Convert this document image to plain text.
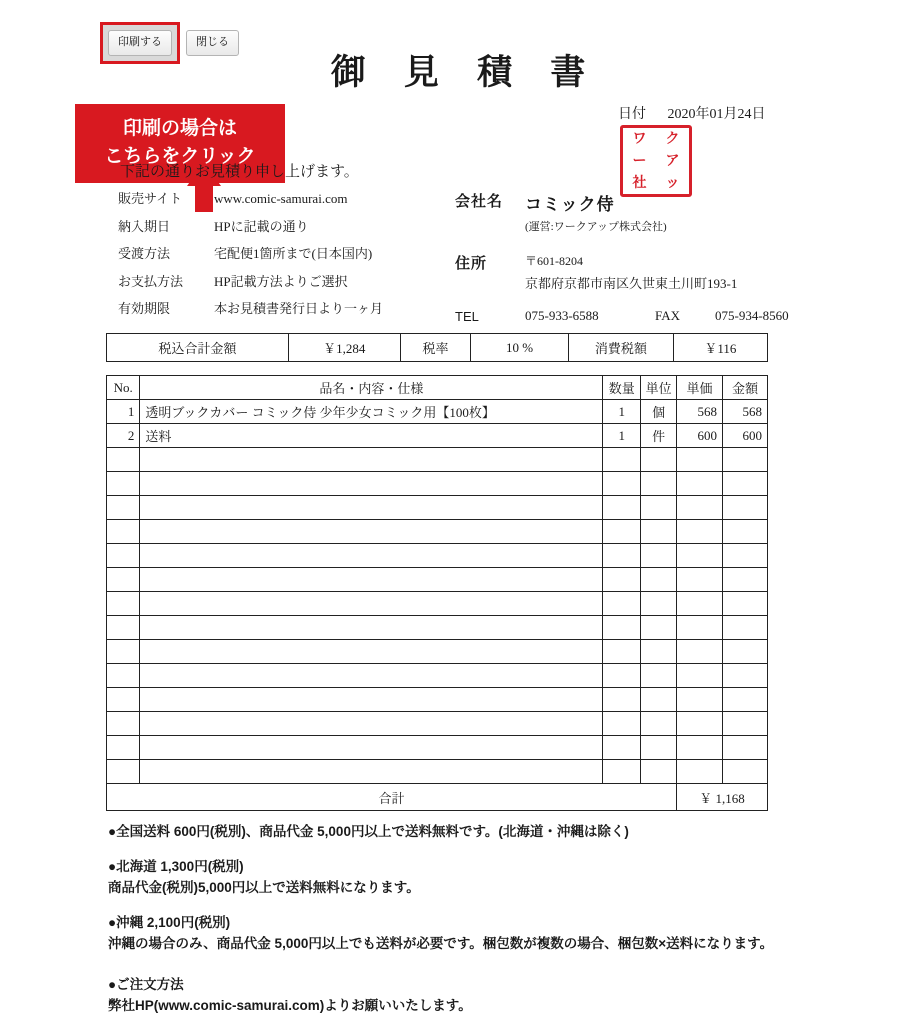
印刷する	閉じる
印刷の場合は
こちらをクリック
御 見 積 書
日付 2020年01月24日
ワ	ク
ー	ア
社	ッ
下記の通りお見積り申し上げます。
販売サイト	www.comic-samurai.com
納入期日	HPに記載の通り
受渡方法	宅配便1箇所まで(日本国内)
お支払方法	HP記載方法よりご選択
有効期限	本お見積書発行日より一ヶ月
会社名	コミック侍
(運営:ワークアップ株式会社)
住所	〒601-8204
京都府京都市南区久世東土川町193-1
TEL	075-933-6588	FAX	075-934-8560
税込合計金額	￥1,284	税率	10 %	消費税額	￥116
No.	品名・内容・仕様	数量	単位	単価	金額
1	透明ブックカバー コミック侍 少年少女コミック用【100枚】	1	個	568	568
2	送料	1	件	600	600

合計				￥ 1,168	
●全国送料 600円(税別)、商品代金 5,000円以上で送料無料です。(北海道・沖縄は除く)
●北海道 1,300円(税別)
商品代金(税別)5,000円以上で送料無料になります。
●沖縄 2,100円(税別)
沖縄の場合のみ、商品代金 5,000円以上でも送料が必要です。梱包数が複数の場合、梱包数×送料になります。
●ご注文方法
弊社HP(www.comic-samurai.com)よりお願いいたします。
